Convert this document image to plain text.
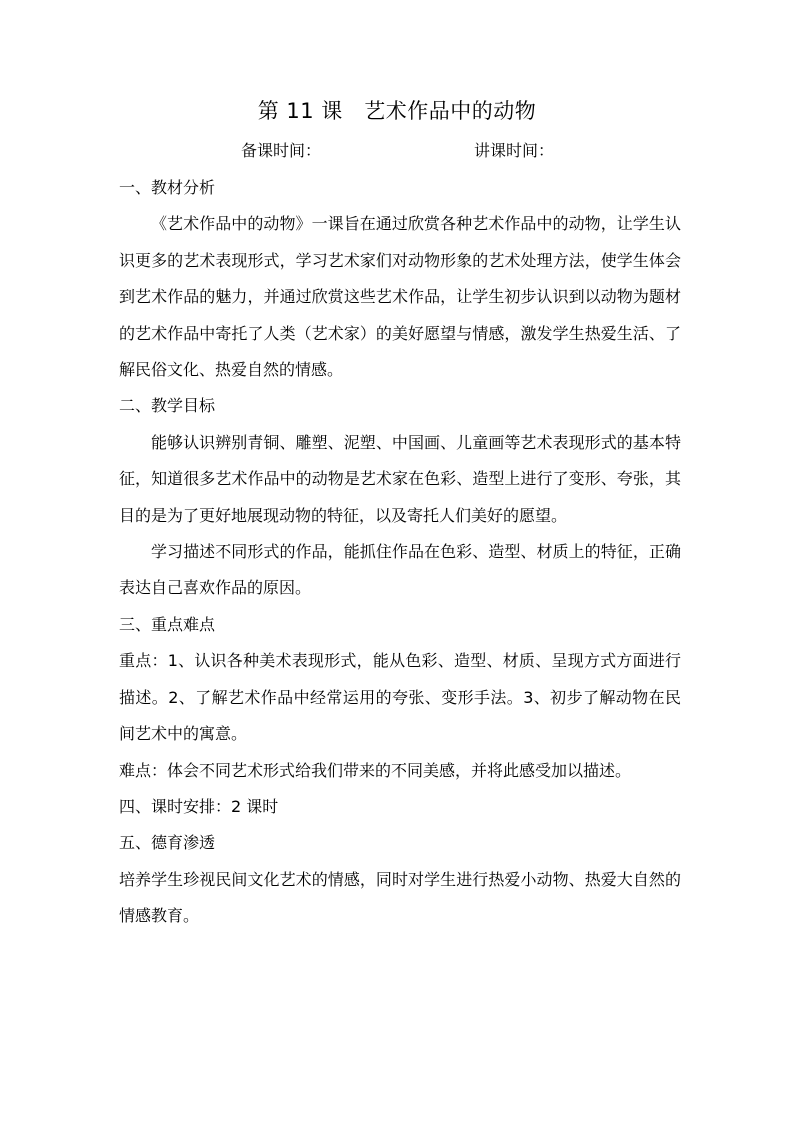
第 11 课　艺术作品中的动物
备课时间：	讲课时间：

一、教材分析

《艺术作品中的动物》一课旨在通过欣赏各种艺术作品中的动物，让学生认识更多的艺术表现形式，学习艺术家们对动物形象的艺术处理方法，使学生体会到艺术作品的魅力，并通过欣赏这些艺术作品，让学生初步认识到以动物为题材的艺术作品中寄托了人类（艺术家）的美好愿望与情感，激发学生热爱生活、了解民俗文化、热爱自然的情感。

二、教学目标

能够认识辨别青铜、雕塑、泥塑、中国画、儿童画等艺术表现形式的基本特征，知道很多艺术作品中的动物是艺术家在色彩、造型上进行了变形、夸张，其目的是为了更好地展现动物的特征，以及寄托人们美好的愿望。

学习描述不同形式的作品，能抓住作品在色彩、造型、材质上的特征，正确表达自己喜欢作品的原因。

三、重点难点

重点：1、认识各种美术表现形式，能从色彩、造型、材质、呈现方式方面进行描述。2、了解艺术作品中经常运用的夸张、变形手法。3、初步了解动物在民间艺术中的寓意。

难点：体会不同艺术形式给我们带来的不同美感，并将此感受加以描述。

四、课时安排：2 课时

五、德育渗透

培养学生珍视民间文化艺术的情感，同时对学生进行热爱小动物、热爱大自然的情感教育。
